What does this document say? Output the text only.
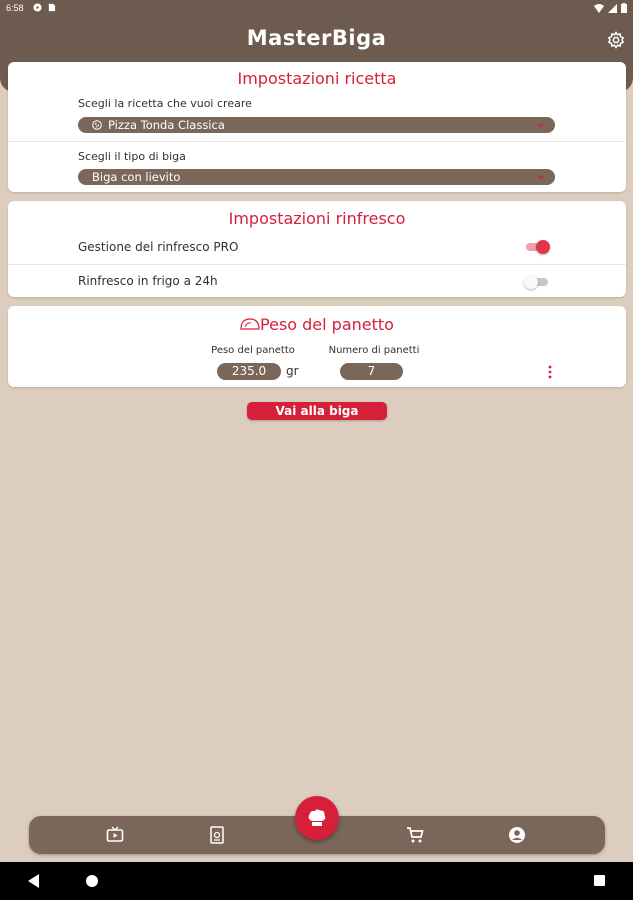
6:58
MasterBiga
Impostazioni ricetta
Scegli la ricetta che vuoi creare
Pizza Tonda Classica
Scegli il tipo di biga
Biga con lievito
Impostazioni rinfresco
Gestione del rinfresco PRO
Rinfresco in frigo a 24h
Peso del panetto
Peso del panetto	Numero di panetti
235.0	gr	7
Vai alla biga
